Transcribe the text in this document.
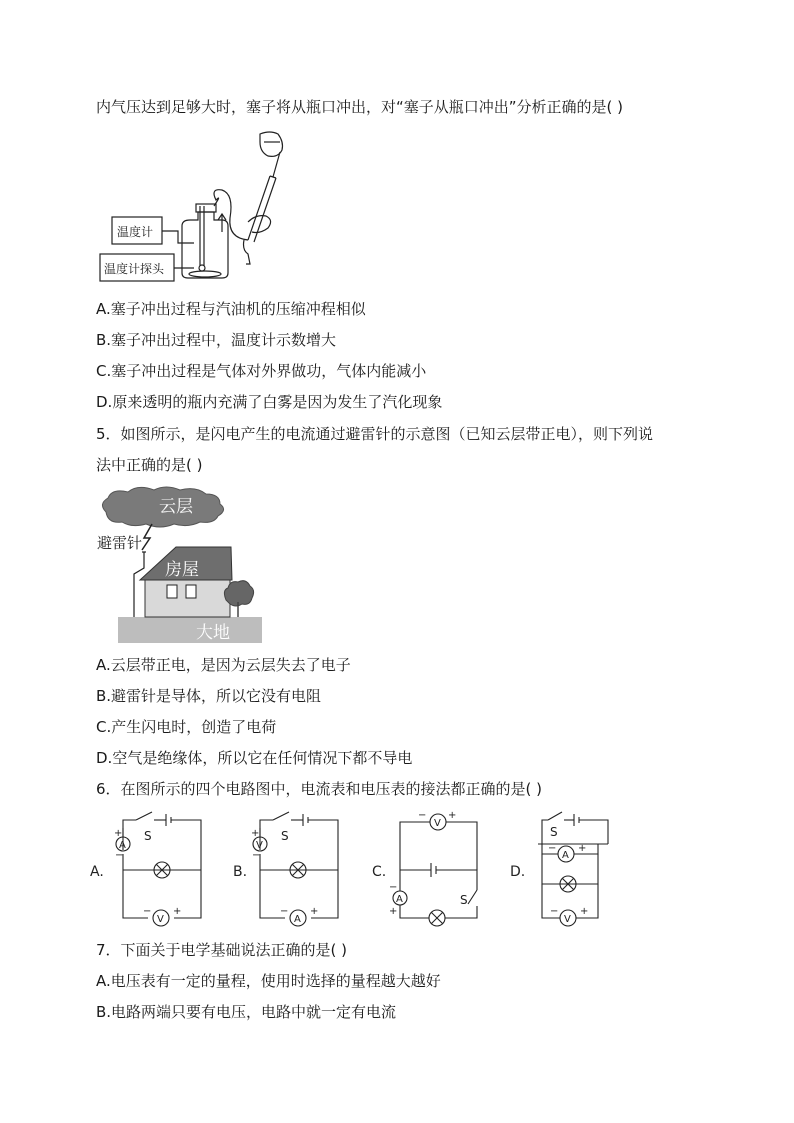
内气压达到足够大时，塞子将从瓶口冲出，对“塞子从瓶口冲出”分析正确的是( )
温度计
温度计探头
A.塞子冲出过程与汽油机的压缩冲程相似
B.塞子冲出过程中，温度计示数增大
C.塞子冲出过程是气体对外界做功，气体内能减小
D.原来透明的瓶内充满了白雾是因为发生了汽化现象
5．如图所示，是闪电产生的电流通过避雷针的示意图（已知云层带正电），则下列说
法中正确的是( )
云层
避雷针
大地
房屋
A.云层带正电，是因为云层失去了电子
B.避雷针是导体，所以它没有电阻
C.产生闪电时，创造了电荷
D.空气是绝缘体，所以它在任何情况下都不导电
6．在图所示的四个电路图中，电流表和电压表的接法都正确的是( )
A.
S
A
+
−
V
− +
B.
S
V
+
−
A
− +
C.
V
− +
A
−
+
S
D.
S
A
− +
V
− +
7．下面关于电学基础说法正确的是( )
A.电压表有一定的量程，使用时选择的量程越大越好
B.电路两端只要有电压，电路中就一定有电流
